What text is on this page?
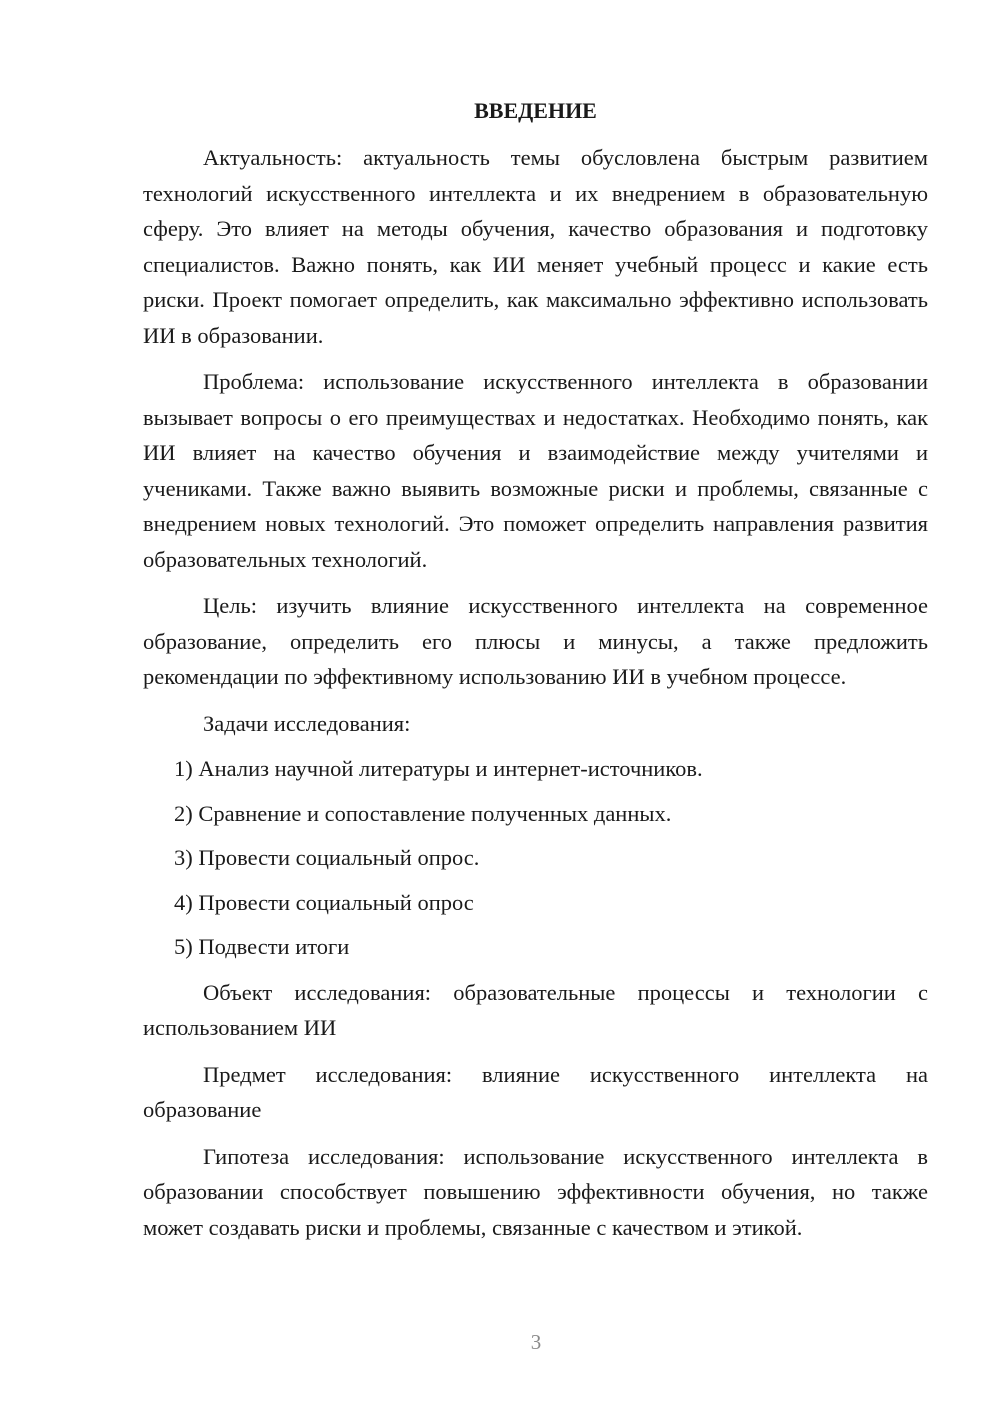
ВВЕДЕНИЕ

Актуальность: актуальность темы обусловлена быстрым развитием технологий искусственного интеллекта и их внедрением в образовательную сферу. Это влияет на методы обучения, качество образования и подготовку специалистов. Важно понять, как ИИ меняет учебный процесс и какие есть риски. Проект помогает определить, как максимально эффективно использовать ИИ в образовании.

Проблема: использование искусственного интеллекта в образовании вызывает вопросы о его преимуществах и недостатках. Необходимо понять, как ИИ влияет на качество обучения и взаимодействие между учителями и учениками. Также важно выявить возможные риски и проблемы, связанные с внедрением новых технологий. Это поможет определить направления развития образовательных технологий.

Цель: изучить влияние искусственного интеллекта на современное образование, определить его плюсы и минусы, а также предложить рекомендации по эффективному использованию ИИ в учебном процессе.

Задачи исследования:

1) Анализ научной литературы и интернет-источников.
2) Сравнение и сопоставление полученных данных.
3) Провести социальный опрос.
4) Провести социальный опрос
5) Подвести итоги

Объект исследования: образовательные процессы и технологии с использованием ИИ

Предмет исследования: влияние искусственного интеллекта на образование

Гипотеза исследования: использование искусственного интеллекта в образовании способствует повышению эффективности обучения, но также может создавать риски и проблемы, связанные с качеством и этикой.

3
